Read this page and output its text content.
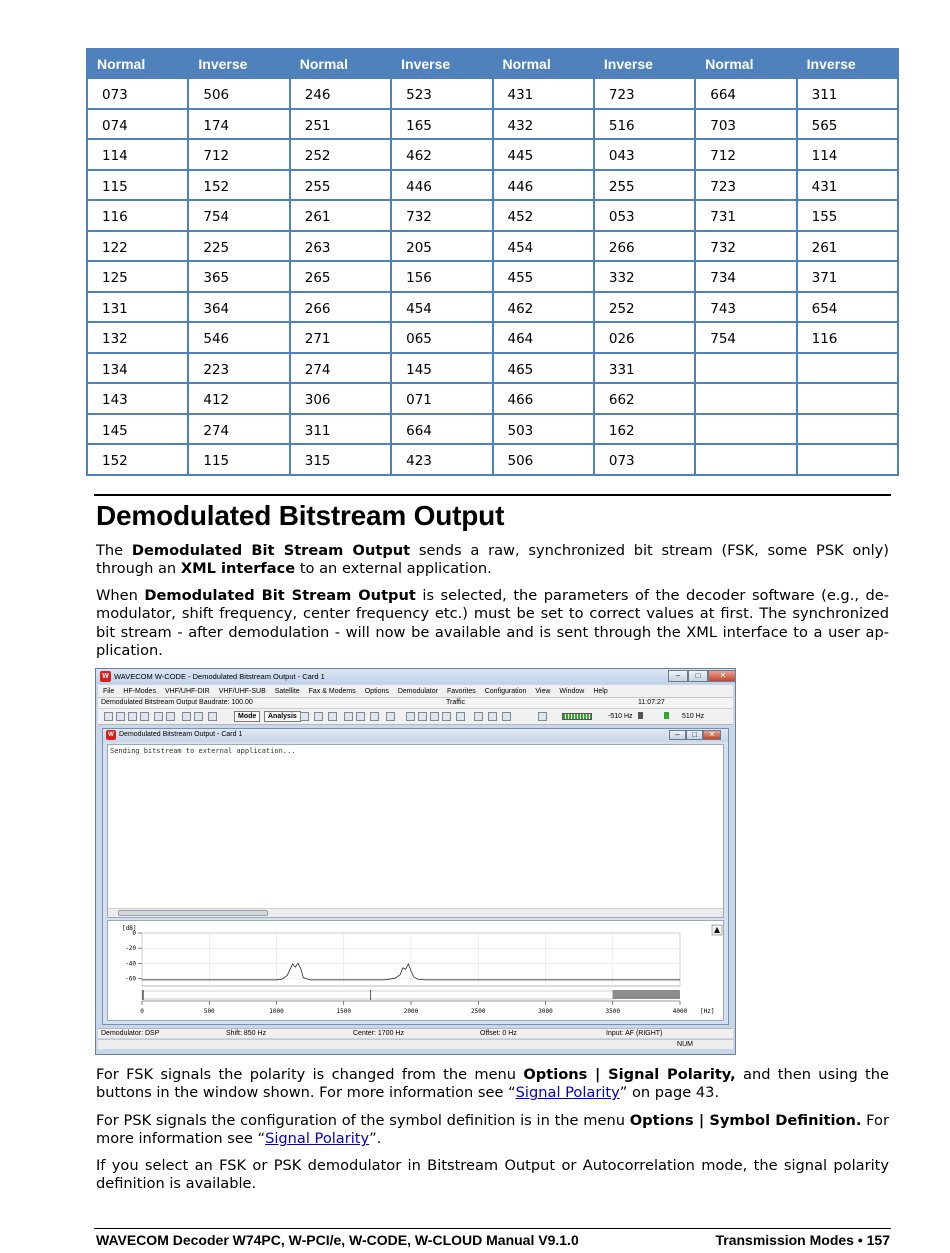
Normal	Inverse	Normal	Inverse	Normal	Inverse	Normal	Inverse
073	506	246	523	431	723	664	311
074	174	251	165	432	516	703	565
114	712	252	462	445	043	712	114
115	152	255	446	446	255	723	431
116	754	261	732	452	053	731	155
122	225	263	205	454	266	732	261
125	365	265	156	455	332	734	371
131	364	266	454	462	252	743	654
132	546	271	065	464	026	754	116
134	223	274	145	465	331		
143	412	306	071	466	662		
145	274	311	664	503	162		
152	115	315	423	506	073		
Demodulated Bitstream Output

The Demodulated Bit Stream Output sends a raw, synchronized bit stream (FSK, some PSK only) through an XML interface to an external application.

When Demodulated Bit Stream Output is selected, the parameters of the decoder software (e.g., de-modulator, shift frequency, center frequency etc.) must be set to correct values at first. The synchronized bit stream - after demodulation - will now be available and is sent through the XML interface to a user ap-plication.

W WAVECOM W-CODE - Demodulated Bitstream Output - Card 1	–	□	✕
File HF-Modes VHF/UHF-DIR VHF/UHF-SUB Satellite Fax & Modems Options Demodulator Favorites Configuration View Window Help
Demodulated Bitstream Output Baudrate: 100.00	Traffic	11:07:27
Mode	Analysis	-510 Hz	510 Hz
W Demodulated Bitstream Output - Card 1	–	□	✕
Sending bitstream to external application...
0
-20
-40
-60
[dB]
0	500	1000	1500	2000	2500	3000	3500	4000 [Hz]
Demodulator: DSP	Shift: 850 Hz	Center: 1700 Hz	Offset: 0 Hz	Input: AF (RIGHT)
NUM

For FSK signals the polarity is changed from the menu Options | Signal Polarity, and then using the buttons in the window shown. For more information see “Signal Polarity” on page 43.

For PSK signals the configuration of the symbol definition is in the menu Options | Symbol Definition. For more information see “Signal Polarity”.

If you select an FSK or PSK demodulator in Bitstream Output or Autocorrelation mode, the signal polarity definition is available.

WAVECOM Decoder W74PC, W-PCI/e, W-CODE, W-CLOUD Manual V9.1.0	Transmission Modes • 157
